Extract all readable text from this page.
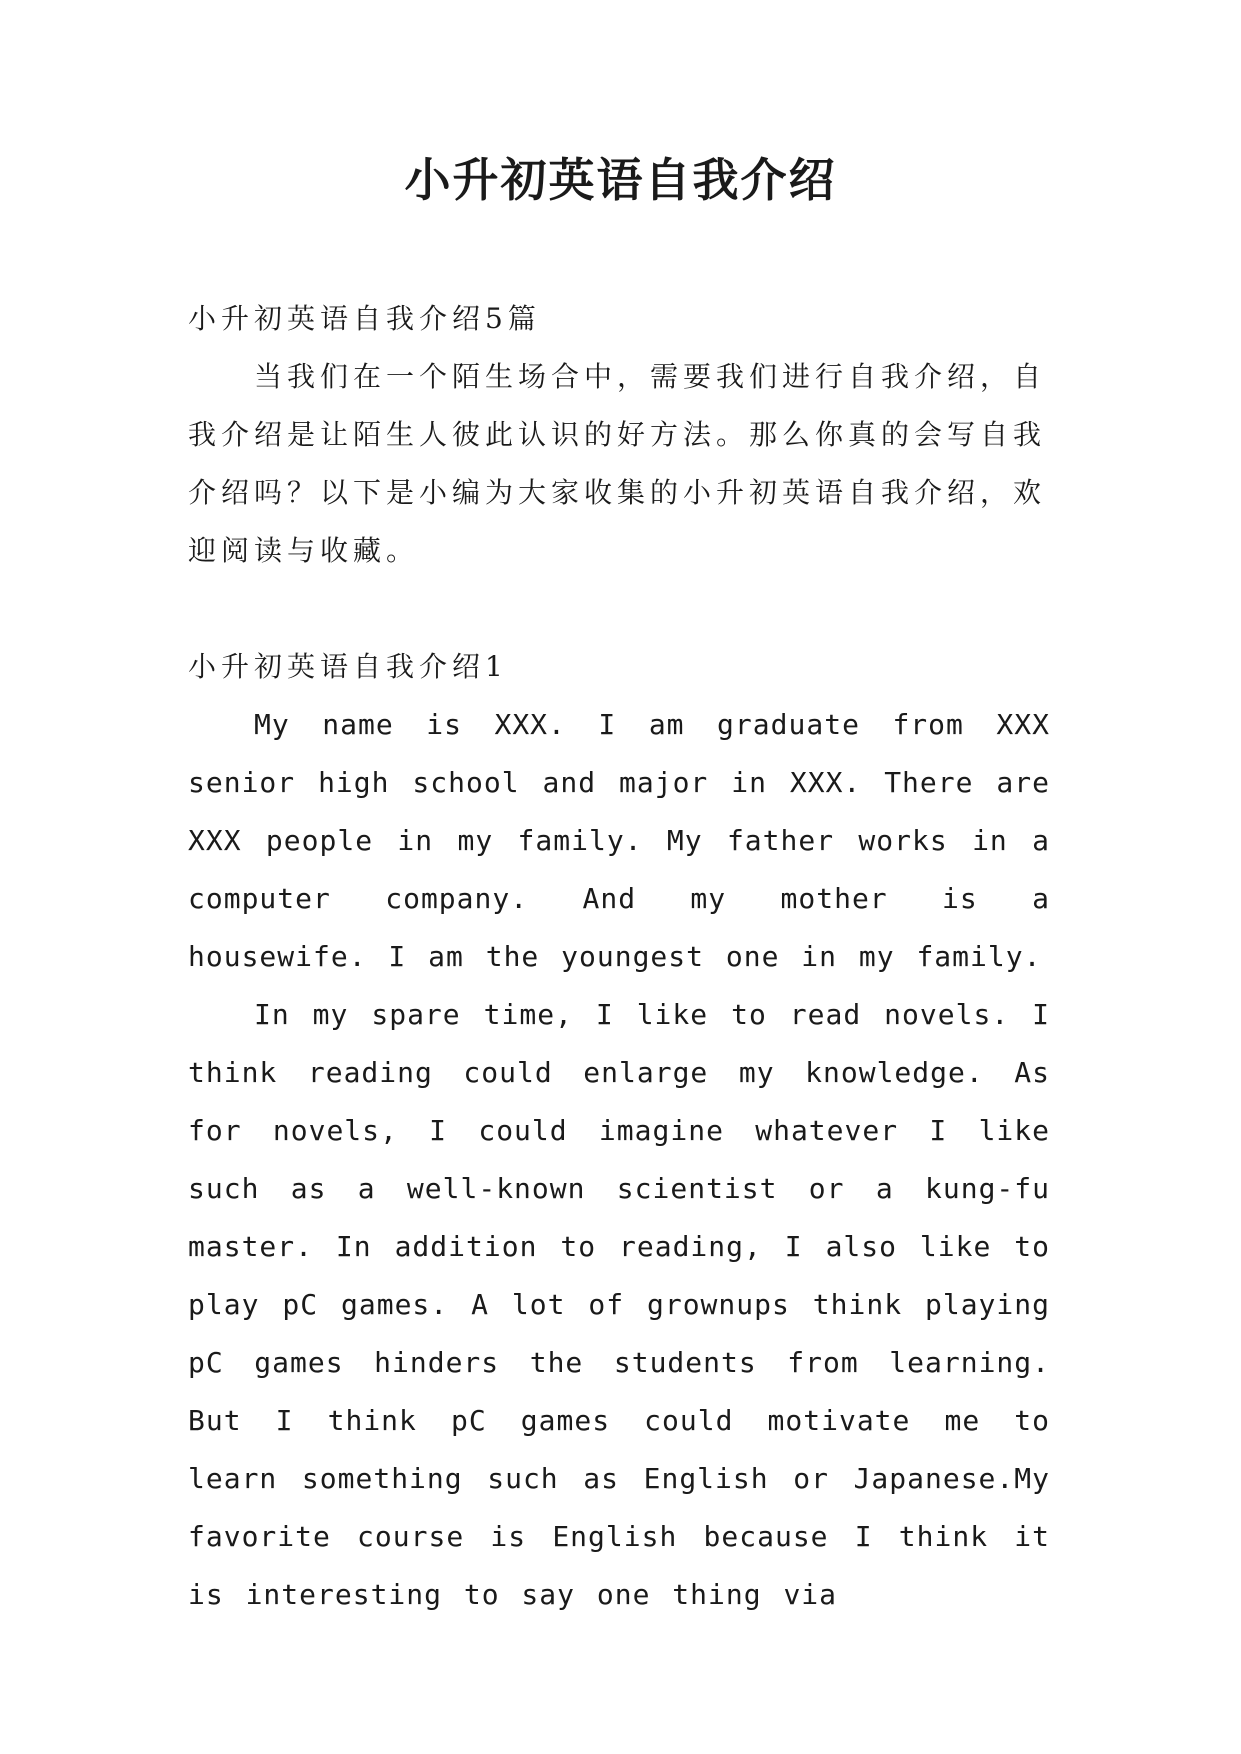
小升初英语自我介绍

小升初英语自我介绍5篇

当我们在一个陌生场合中，需要我们进行自我介绍，自我介绍是让陌生人彼此认识的好方法。那么你真的会写自我介绍吗？以下是小编为大家收集的小升初英语自我介绍，欢迎阅读与收藏。

小升初英语自我介绍1

My name is XXX. I am graduate from XXX senior high school and major in XXX. There are XXX people in my family. My father works in a computer company. And my mother is a housewife. I am the youngest one in my family.

In my spare time, I like to read novels. I think reading could enlarge my knowledge. As for novels, I could imagine whatever I like such as a well-known scientist or a kung-fu master. In addition to reading, I also like to play pC games. A lot of grownups think playing pC games hinders the students from learning. But I think pC games could motivate me to learn something such as English or Japanese.My favorite course is English because I think it is interesting to say one thing via
